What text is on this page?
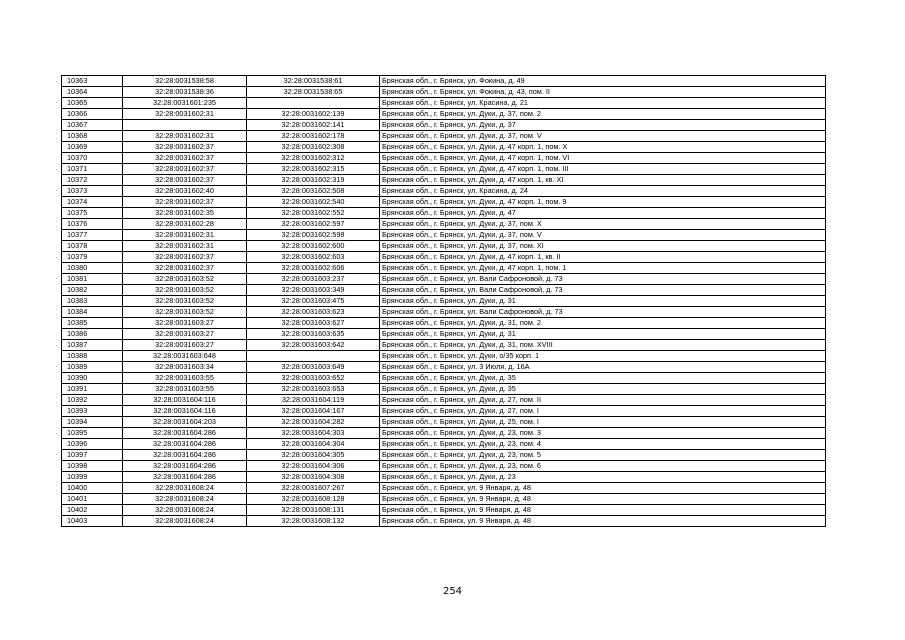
10363	32:28:0031538:58	32:28:0031538:61	Брянская обл., г. Брянск, ул. Фокина, д. 49
10364	32:28:0031538:36	32:28:0031538:65	Брянская обл., г. Брянск, ул. Фокина, д. 43, пом. II
10365	32:28:0031601:235		Брянская обл., г. Брянск, ул. Красина, д. 21
10366	32:28:0031602:31	32:28:0031602:139	Брянская обл., г. Брянск, ул. Дуки, д. 37, пом. 2
10367		32:28:0031602:141	Брянская обл., г. Брянск, ул. Дуки, д. 37
10368	32:28:0031602:31	32:28:0031602:178	Брянская обл., г. Брянск, ул. Дуки, д. 37, пом. V
10369	32:28:0031602:37	32:28:0031602:308	Брянская обл., г. Брянск, ул. Дуки, д. 47 корп. 1, пом. X
10370	32:28:0031602:37	32:28:0031602:312	Брянская обл., г. Брянск, ул. Дуки, д. 47 корп. 1, пом. VI
10371	32:28:0031602:37	32:28:0031602:315	Брянская обл., г. Брянск, ул. Дуки, д. 47 корп. 1, пом. III
10372	32:28:0031602:37	32:28:0031602:319	Брянская обл., г. Брянск, ул. Дуки, д. 47 корп. 1, кв. XI
10373	32:28:0031602:40	32:28:0031602:508	Брянская обл., г. Брянск, ул. Красина, д. 24
10374	32:28:0031602:37	32:28:0031602:540	Брянская обл., г. Брянск, ул. Дуки, д. 47 корп. 1, пом. 9
10375	32:28:0031602:35	32:28:0031602:552	Брянская обл., г. Брянск, ул. Дуки, д. 47
10376	32:28:0031602:28	32:28:0031602:597	Брянская обл., г. Брянск, ул. Дуки, д. 37, пом. X
10377	32:28:0031602:31	32:28:0031602:598	Брянская обл., г. Брянск, ул. Дуки, д. 37, пом. V
10378	32:28:0031602:31	32:28:0031602:600	Брянская обл., г. Брянск, ул. Дуки, д. 37, пом. XI
10379	32:28:0031602:37	32:28:0031602:603	Брянская обл., г. Брянск, ул. Дуки, д. 47 корп. 1, кв. II
10380	32:28:0031602:37	32:28:0031602:606	Брянская обл., г. Брянск, ул. Дуки, д. 47 корп. 1, пом. 1
10381	32:28:0031603:52	32:28:0031603:237	Брянская обл., г. Брянск, ул. Вали Сафроновой, д. 73
10382	32:28:0031603:52	32:28:0031603:349	Брянская обл., г. Брянск, ул. Вали Сафроновой, д. 73
10383	32:28:0031603:52	32:28:0031603:475	Брянская обл., г. Брянск, ул. Дуки, д. 31
10384	32:28:0031603:52	32:28:0031603:623	Брянская обл., г. Брянск, ул. Вали Сафроновой, д. 73
10385	32:28:0031603:27	32:28:0031603:627	Брянская обл., г. Брянск, ул. Дуки, д. 31, пом. 2
10386	32:28:0031603:27	32:28:0031603:635	Брянская обл., г. Брянск, ул. Дуки, д. 31
10387	32:28:0031603:27	32:28:0031603:642	Брянская обл., г. Брянск, ул. Дуки, д. 31, пом. XVIII
10388	32:28:0031603:648		Брянская обл., г. Брянск, ул. Дуки, о/35 корп. 1
10389	32:28:0031603:34	32:28:0031603:649	Брянская обл., г. Брянск, ул. 3 Июля, д. 16А
10390	32:28:0031603:55	32:28:0031603:652	Брянская обл., г. Брянск, ул. Дуки, д. 35
10391	32:28:0031603:55	32:28:0031603:653	Брянская обл., г. Брянск, ул. Дуки, д. 35
10392	32:28:0031604:116	32:28:0031604:119	Брянская обл., г. Брянск, ул. Дуки, д. 27, пом. II
10393	32:28:0031604:116	32:28:0031604:167	Брянская обл., г. Брянск, ул. Дуки, д. 27, пом. I
10394	32:28:0031604:203	32:28:0031604:282	Брянская обл., г. Брянск, ул. Дуки, д. 25, пом. I
10395	32:28:0031604:286	32:28:0031604:303	Брянская обл., г. Брянск, ул. Дуки, д. 23, пом. 3
10396	32:28:0031604:286	32:28:0031604:304	Брянская обл., г. Брянск, ул. Дуки, д. 23, пом. 4
10397	32:28:0031604:286	32:28:0031604:305	Брянская обл., г. Брянск, ул. Дуки, д. 23, пом. 5
10398	32:28:0031604:286	32:28:0031604:306	Брянская обл., г. Брянск, ул. Дуки, д. 23, пом. 6
10399	32:28:0031604:286	32:28:0031604:308	Брянская обл., г. Брянск, ул. Дуки, д. 23
10400	32:28:0031608:24	32:28:0031607:267	Брянская обл., г. Брянск, ул. 9 Января, д. 48
10401	32:28:0031608:24	32:28:0031608:128	Брянская обл., г. Брянск, ул. 9 Января, д. 48
10402	32:28:0031608:24	32:28:0031608:131	Брянская обл., г. Брянск, ул. 9 Января, д. 48
10403	32:28:0031608:24	32:28:0031608:132	Брянская обл., г. Брянск, ул. 9 Января, д. 48
254
